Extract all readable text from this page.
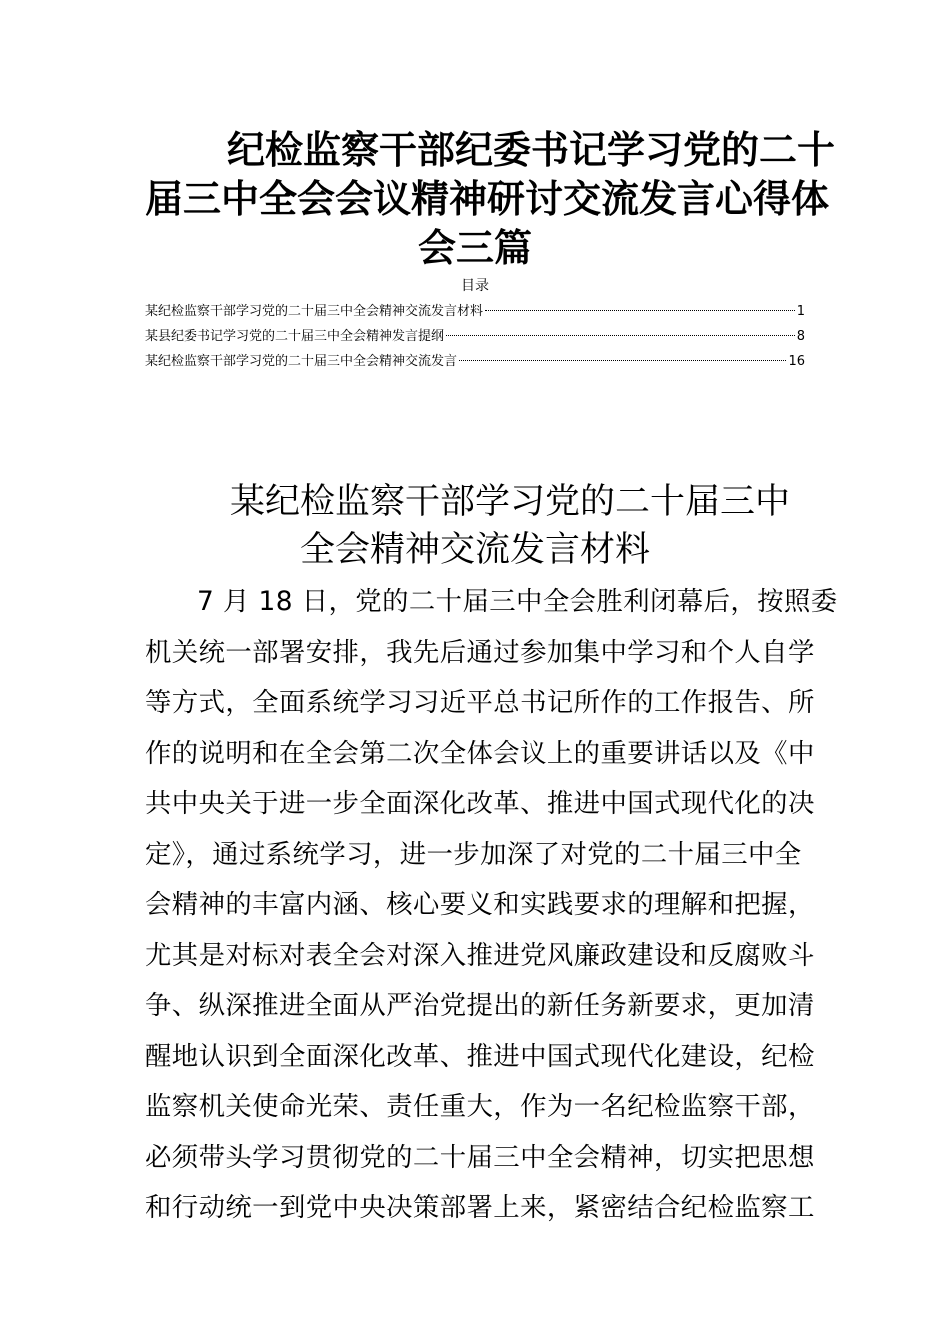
纪检监察干部纪委书记学习党的二十
届三中全会会议精神研讨交流发言心得体
会三篇
目录
某纪检监察干部学习党的二十届三中全会精神交流发言材料	1
某县纪委书记学习党的二十届三中全会精神发言提纲	8
某纪检监察干部学习党的二十届三中全会精神交流发言	16
某纪检监察干部学习党的二十届三中
全会精神交流发言材料
7 月 18 日，党的二十届三中全会胜利闭幕后，按照委
机关统一部署安排，我先后通过参加集中学习和个人自学
等方式，全面系统学习习近平总书记所作的工作报告、所
作的说明和在全会第二次全体会议上的重要讲话以及《中
共中央关于进一步全面深化改革、推进中国式现代化的决
定》，通过系统学习，进一步加深了对党的二十届三中全
会精神的丰富内涵、核心要义和实践要求的理解和把握，
尤其是对标对表全会对深入推进党风廉政建设和反腐败斗
争、纵深推进全面从严治党提出的新任务新要求，更加清
醒地认识到全面深化改革、推进中国式现代化建设，纪检
监察机关使命光荣、责任重大，作为一名纪检监察干部，
必须带头学习贯彻党的二十届三中全会精神，切实把思想
和行动统一到党中央决策部署上来，紧密结合纪检监察工
